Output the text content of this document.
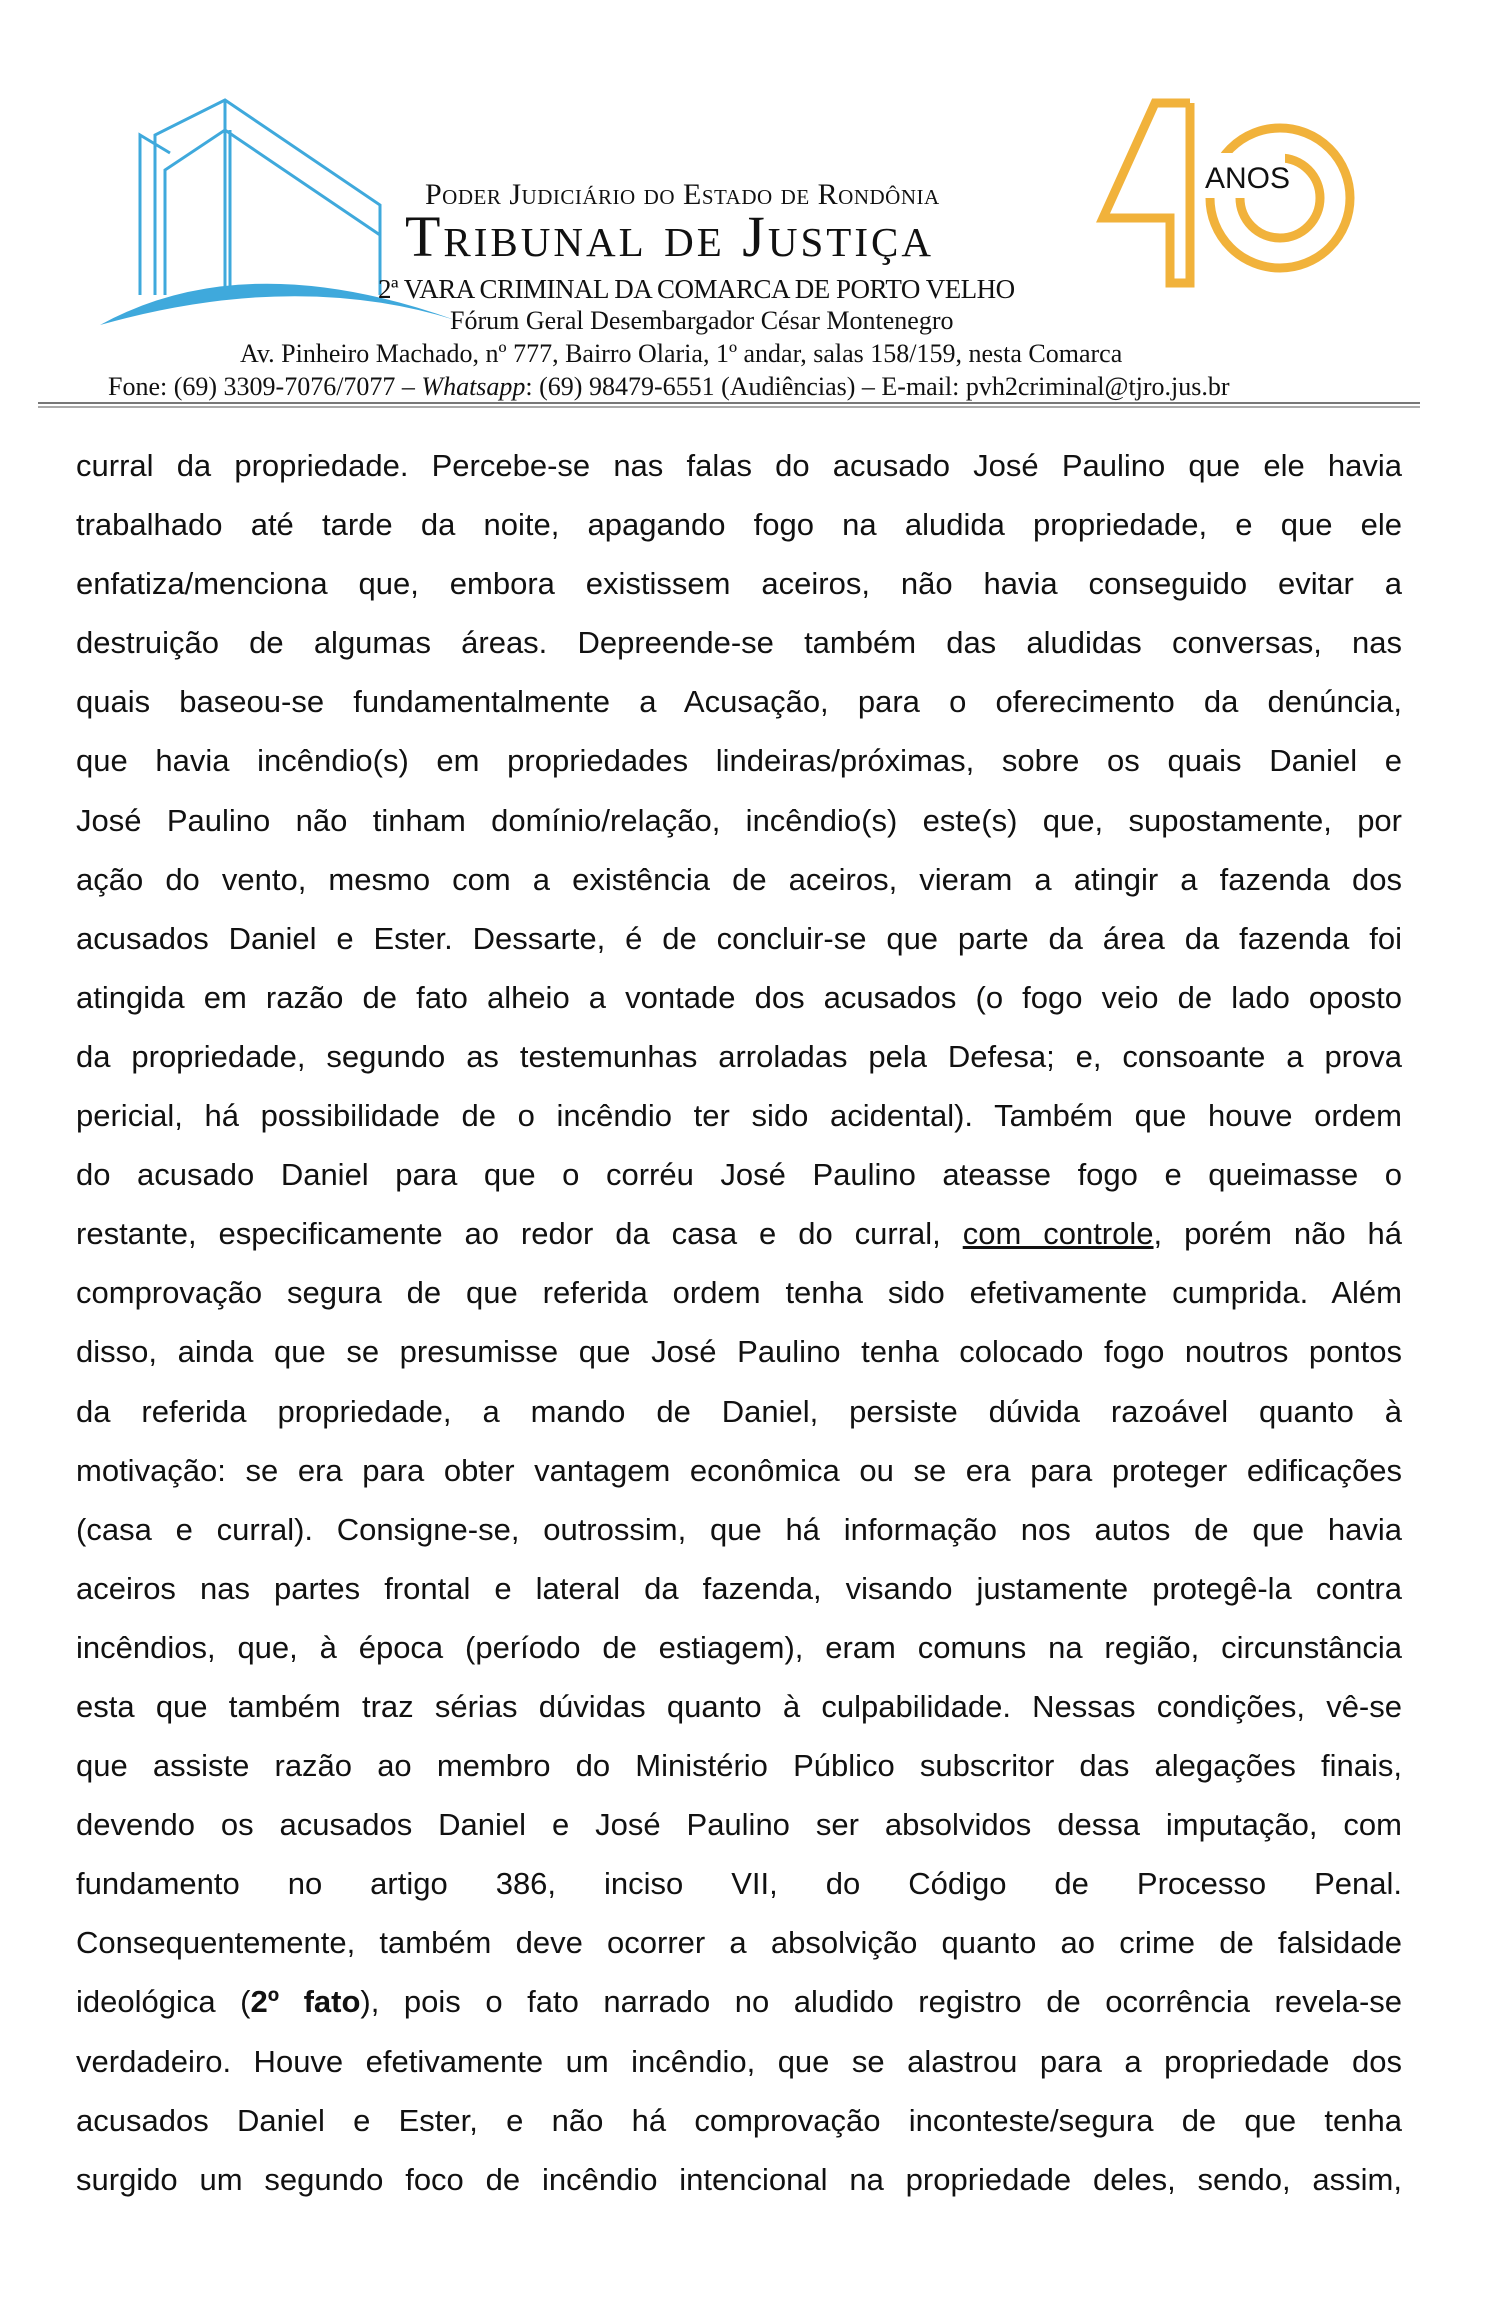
ANOS
Poder Judiciário do Estado de Rondônia
Tribunal de Justiça
2ª VARA CRIMINAL DA COMARCA DE PORTO VELHO
Fórum Geral Desembargador César Montenegro
Av. Pinheiro Machado, nº 777, Bairro Olaria, 1º andar, salas 158/159, nesta Comarca
Fone: (69) 3309-7076/7077 – Whatsapp: (69) 98479-6551 (Audiências) – E-mail: pvh2criminal@tjro.jus.br
curral da propriedade. Percebe-se nas falas do acusado José Paulino que ele havia
trabalhado até tarde da noite, apagando fogo na aludida propriedade, e que ele
enfatiza/menciona que, embora existissem aceiros, não havia conseguido evitar a
destruição de algumas áreas. Depreende-se também das aludidas conversas, nas
quais baseou-se fundamentalmente a Acusação, para o oferecimento da denúncia,
que havia incêndio(s) em propriedades lindeiras/próximas, sobre os quais Daniel e
José Paulino não tinham domínio/relação, incêndio(s) este(s) que, supostamente, por
ação do vento, mesmo com a existência de aceiros, vieram a atingir a fazenda dos
acusados Daniel e Ester. Dessarte, é de concluir-se que parte da área da fazenda foi
atingida em razão de fato alheio a vontade dos acusados (o fogo veio de lado oposto
da propriedade, segundo as testemunhas arroladas pela Defesa; e, consoante a prova
pericial, há possibilidade de o incêndio ter sido acidental). Também que houve ordem
do acusado Daniel para que o corréu José Paulino ateasse fogo e queimasse o
restante, especificamente ao redor da casa e do curral, com controle, porém não há
comprovação segura de que referida ordem tenha sido efetivamente cumprida. Além
disso, ainda que se presumisse que José Paulino tenha colocado fogo noutros pontos
da referida propriedade, a mando de Daniel, persiste dúvida razoável quanto à
motivação: se era para obter vantagem econômica ou se era para proteger edificações
(casa e curral). Consigne-se, outrossim, que há informação nos autos de que havia
aceiros nas partes frontal e lateral da fazenda, visando justamente protegê-la contra
incêndios, que, à época (período de estiagem), eram comuns na região, circunstância
esta que também traz sérias dúvidas quanto à culpabilidade. Nessas condições, vê-se
que assiste razão ao membro do Ministério Público subscritor das alegações finais,
devendo os acusados Daniel e José Paulino ser absolvidos dessa imputação, com
fundamento no artigo 386, inciso VII, do Código de Processo Penal.
Consequentemente, também deve ocorrer a absolvição quanto ao crime de falsidade
ideológica (2º fato), pois o fato narrado no aludido registro de ocorrência revela-se
verdadeiro. Houve efetivamente um incêndio, que se alastrou para a propriedade dos
acusados Daniel e Ester, e não há comprovação inconteste/segura de que tenha
surgido um segundo foco de incêndio intencional na propriedade deles, sendo, assim,
